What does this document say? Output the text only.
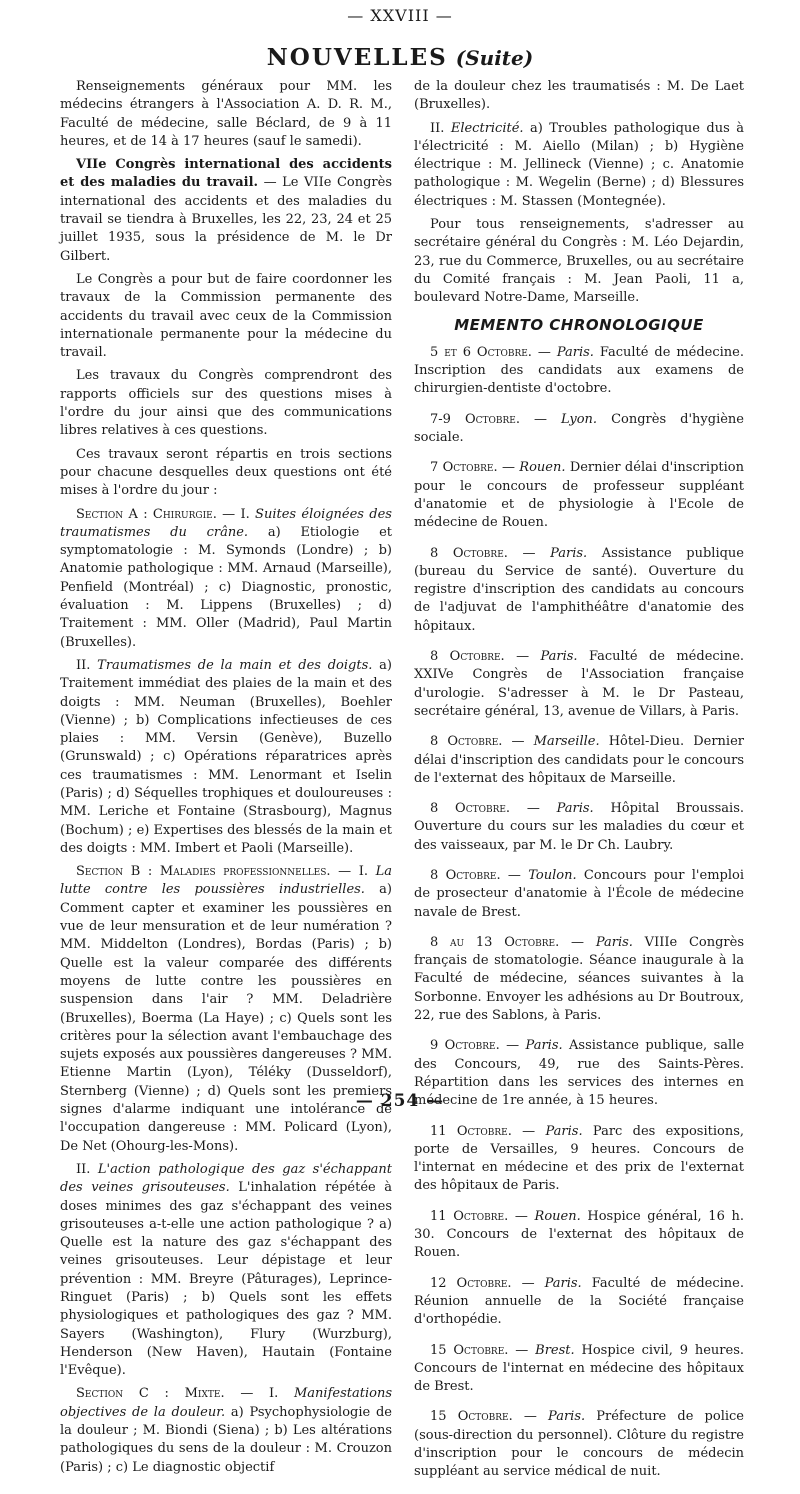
— XXVIII —
NOUVELLES (Suite)

Renseignements généraux pour MM. les médecins étrangers à l'Association A. D. R. M., Faculté de médecine, salle Béclard, de 9 à 11 heures, et de 14 à 17 heures (sauf le samedi).

VIIe Congrès international des accidents et des maladies du travail. — Le VIIe Congrès international des accidents et des maladies du travail se tiendra à Bruxelles, les 22, 23, 24 et 25 juillet 1935, sous la présidence de M. le Dr Gilbert.

Le Congrès a pour but de faire coordonner les travaux de la Commission permanente des accidents du travail avec ceux de la Commission internationale permanente pour la médecine du travail.

Les travaux du Congrès comprendront des rapports officiels sur des questions mises à l'ordre du jour ainsi que des communications libres relatives à ces questions.

Ces travaux seront répartis en trois sections pour chacune desquelles deux questions ont été mises à l'ordre du jour :

Section A : Chirurgie. — I. Suites éloignées des traumatismes du crâne. a) Etiologie et symptomatologie : M. Symonds (Londre) ; b) Anatomie pathologique : MM. Arnaud (Marseille), Penfield (Montréal) ; c) Diagnostic, pronostic, évaluation : M. Lippens (Bruxelles) ; d) Traitement : MM. Oller (Madrid), Paul Martin (Bruxelles).

II. Traumatismes de la main et des doigts. a) Traitement immédiat des plaies de la main et des doigts : MM. Neuman (Bruxelles), Boehler (Vienne) ; b) Complications infectieuses de ces plaies : MM. Versin (Genève), Buzello (Grunswald) ; c) Opérations réparatrices après ces traumatismes : MM. Lenormant et Iselin (Paris) ; d) Séquelles trophiques et douloureuses : MM. Leriche et Fontaine (Strasbourg), Magnus (Bochum) ; e) Expertises des blessés de la main et des doigts : MM. Imbert et Paoli (Marseille).

Section B : Maladies professionnelles. — I. La lutte contre les poussières industrielles. a) Comment capter et examiner les poussières en vue de leur mensuration et de leur numération ? MM. Middelton (Londres), Bordas (Paris) ; b) Quelle est la valeur comparée des différents moyens de lutte contre les poussières en suspension dans l'air ? MM. Deladrière (Bruxelles), Boerma (La Haye) ; c) Quels sont les critères pour la sélection avant l'embauchage des sujets exposés aux poussières dangereuses ? MM. Etienne Martin (Lyon), Téléky (Dusseldorf), Sternberg (Vienne) ; d) Quels sont les premiers signes d'alarme indiquant une intolérance de l'occupation dangereuse : MM. Policard (Lyon), De Net (Ohourg-les-Mons).

II. L'action pathologique des gaz s'échappant des veines grisouteuses. L'inhalation répétée à doses minimes des gaz s'échappant des veines grisouteuses a-t-elle une action pathologique ? a) Quelle est la nature des gaz s'échappant des veines grisouteuses. Leur dépistage et leur prévention : MM. Breyre (Pâturages), Leprince-Ringuet (Paris) ; b) Quels sont les effets physiologiques et pathologiques des gaz ? MM. Sayers (Washington), Flury (Wurzburg), Henderson (New Haven), Hautain (Fontaine l'Evêque).

Section C : Mixte. — I. Manifestations objectives de la douleur. a) Psychophysiologie de la douleur ; M. Biondi (Siena) ; b) Les altérations pathologiques du sens de la douleur : M. Crouzon (Paris) ; c) Le diagnostic objectif

de la douleur chez les traumatisés : M. De Laet (Bruxelles).

II. Electricité. a) Troubles pathologique dus à l'électricité : M. Aiello (Milan) ; b) Hygiène électrique : M. Jellineck (Vienne) ; c. Anatomie pathologique : M. Wegelin (Berne) ; d) Blessures électriques : M. Stassen (Montegnée).

Pour tous renseignements, s'adresser au secrétaire général du Congrès : M. Léo Dejardin, 23, rue du Commerce, Bruxelles, ou au secrétaire du Comité français : M. Jean Paoli, 11 a, boulevard Notre-Dame, Marseille.

MEMENTO CHRONOLOGIQUE

5 et 6 Octobre. — Paris. Faculté de médecine. Inscription des candidats aux examens de chirurgien-dentiste d'octobre.

7-9 Octobre. — Lyon. Congrès d'hygiène sociale.

7 Octobre. — Rouen. Dernier délai d'inscription pour le concours de professeur suppléant d'anatomie et de physiologie à l'Ecole de médecine de Rouen.

8 Octobre. — Paris. Assistance publique (bureau du Service de santé). Ouverture du registre d'inscription des candidats au concours de l'adjuvat de l'amphithéâtre d'anatomie des hôpitaux.

8 Octobre. — Paris. Faculté de médecine. XXIVe Congrès de l'Association française d'urologie. S'adresser à M. le Dr Pasteau, secrétaire général, 13, avenue de Villars, à Paris.

8 Octobre. — Marseille. Hôtel-Dieu. Dernier délai d'inscription des candidats pour le concours de l'externat des hôpitaux de Marseille.

8 Octobre. — Paris. Hôpital Broussais. Ouverture du cours sur les maladies du cœur et des vaisseaux, par M. le Dr Ch. Laubry.

8 Octobre. — Toulon. Concours pour l'emploi de prosecteur d'anatomie à l'École de médecine navale de Brest.

8 au 13 Octobre. — Paris. VIIIe Congrès français de stomatologie. Séance inaugurale à la Faculté de médecine, séances suivantes à la Sorbonne. Envoyer les adhésions au Dr Boutroux, 22, rue des Sablons, à Paris.

9 Octobre. — Paris. Assistance publique, salle des Concours, 49, rue des Saints-Pères. Répartition dans les services des internes en médecine de 1re année, à 15 heures.

11 Octobre. — Paris. Parc des expositions, porte de Versailles, 9 heures. Concours de l'internat en médecine et des prix de l'externat des hôpitaux de Paris.

11 Octobre. — Rouen. Hospice général, 16 h. 30. Concours de l'externat des hôpitaux de Rouen.

12 Octobre. — Paris. Faculté de médecine. Réunion annuelle de la Société française d'orthopédie.

15 Octobre. — Brest. Hospice civil, 9 heures. Concours de l'internat en médecine des hôpitaux de Brest.

15 Octobre. — Paris. Préfecture de police (sous-direction du personnel). Clôture du registre d'inscription pour le concours de médecin suppléant au service médical de nuit.

— 254 —
